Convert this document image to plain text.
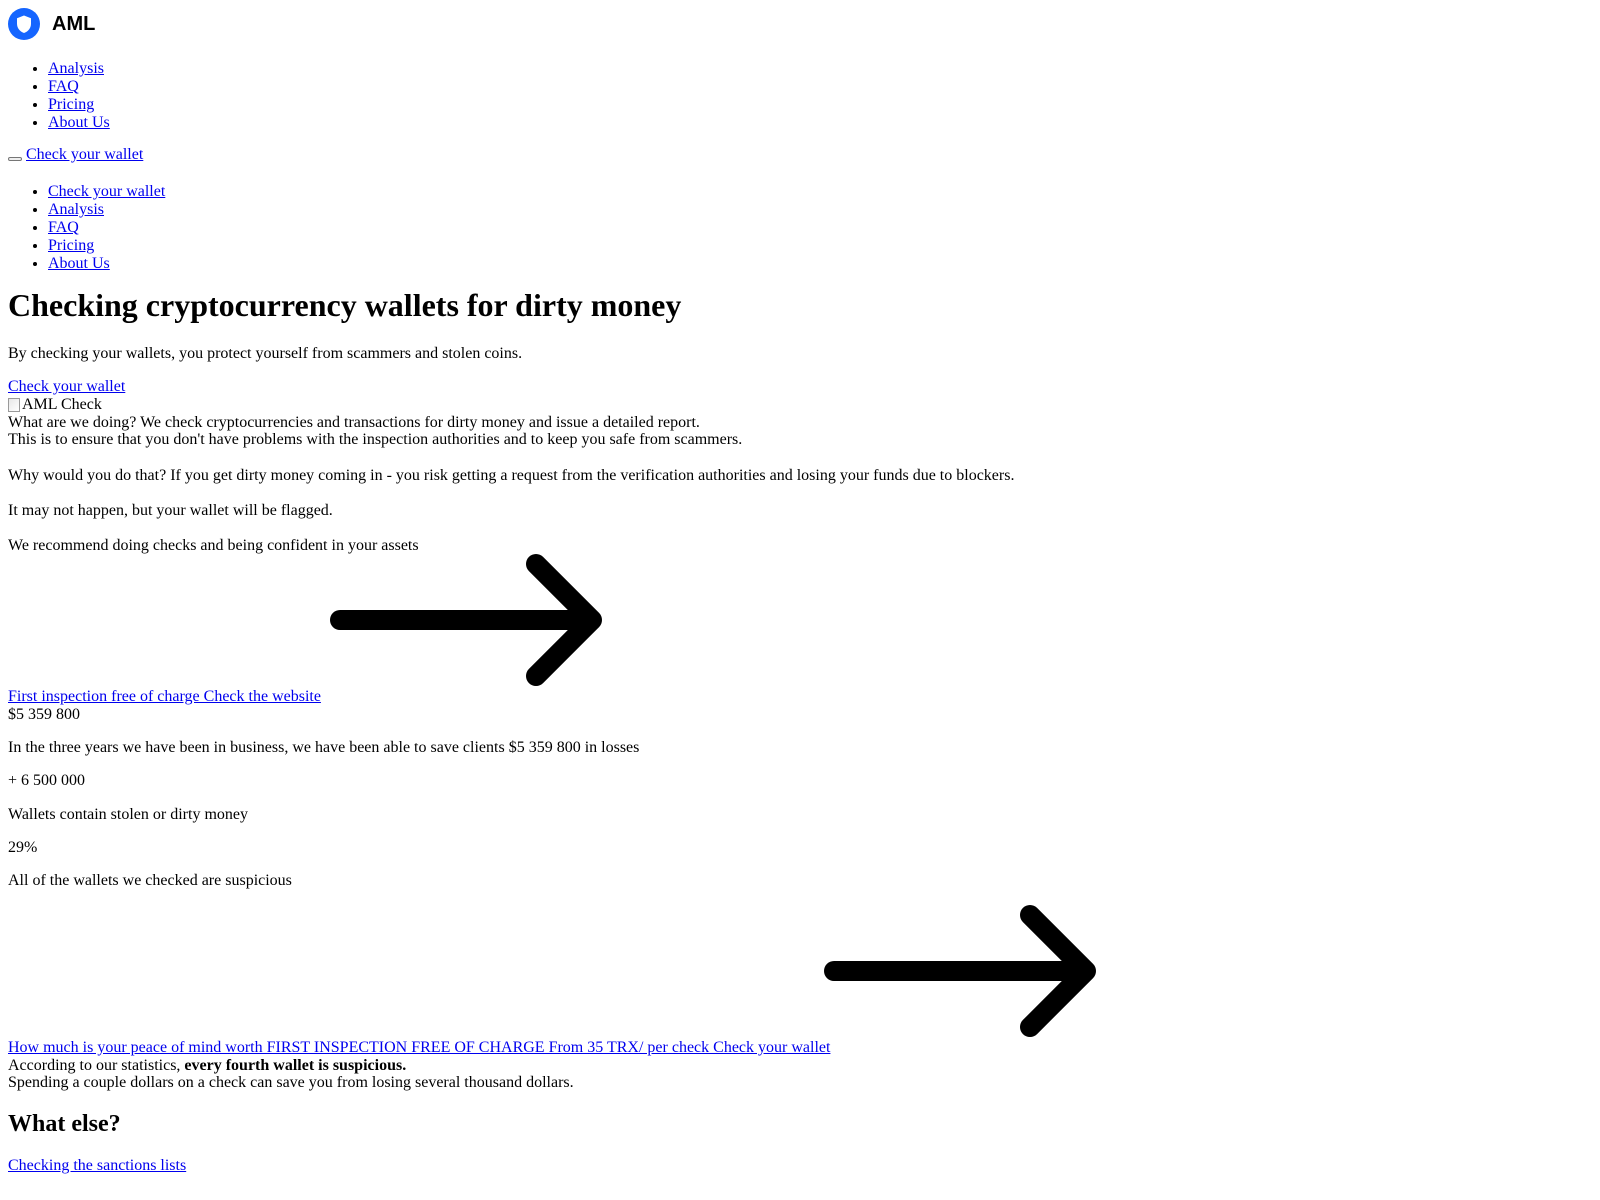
AML
• Analysis
• FAQ
• Pricing
• About Us
Check your wallet
• Check your wallet
• Analysis
• FAQ
• Pricing
• About Us
Checking cryptocurrency wallets for dirty money
By checking your wallets, you protect yourself from scammers and stolen coins.
Check your wallet
AML Check
What are we doing? We check cryptocurrencies and transactions for dirty money and issue a detailed report.
This is to ensure that you don't have problems with the inspection authorities and to keep you safe from scammers.
Why would you do that? If you get dirty money coming in - you risk getting a request from the verification authorities and losing your funds due to blockers.
It may not happen, but your wallet will be flagged.
We recommend doing checks and being confident in your assets
First inspection free of charge Check the website
$5 359 800
In the three years we have been in business, we have been able to save clients $5 359 800 in losses
+ 6 500 000
Wallets contain stolen or dirty money
29%
All of the wallets we checked are suspicious
How much is your peace of mind worth FIRST INSPECTION FREE OF CHARGE From 35 TRX/ per check Check your wallet
According to our statistics, every fourth wallet is suspicious.
Spending a couple dollars on a check can save you from losing several thousand dollars.
What else?
Checking the sanctions lists
